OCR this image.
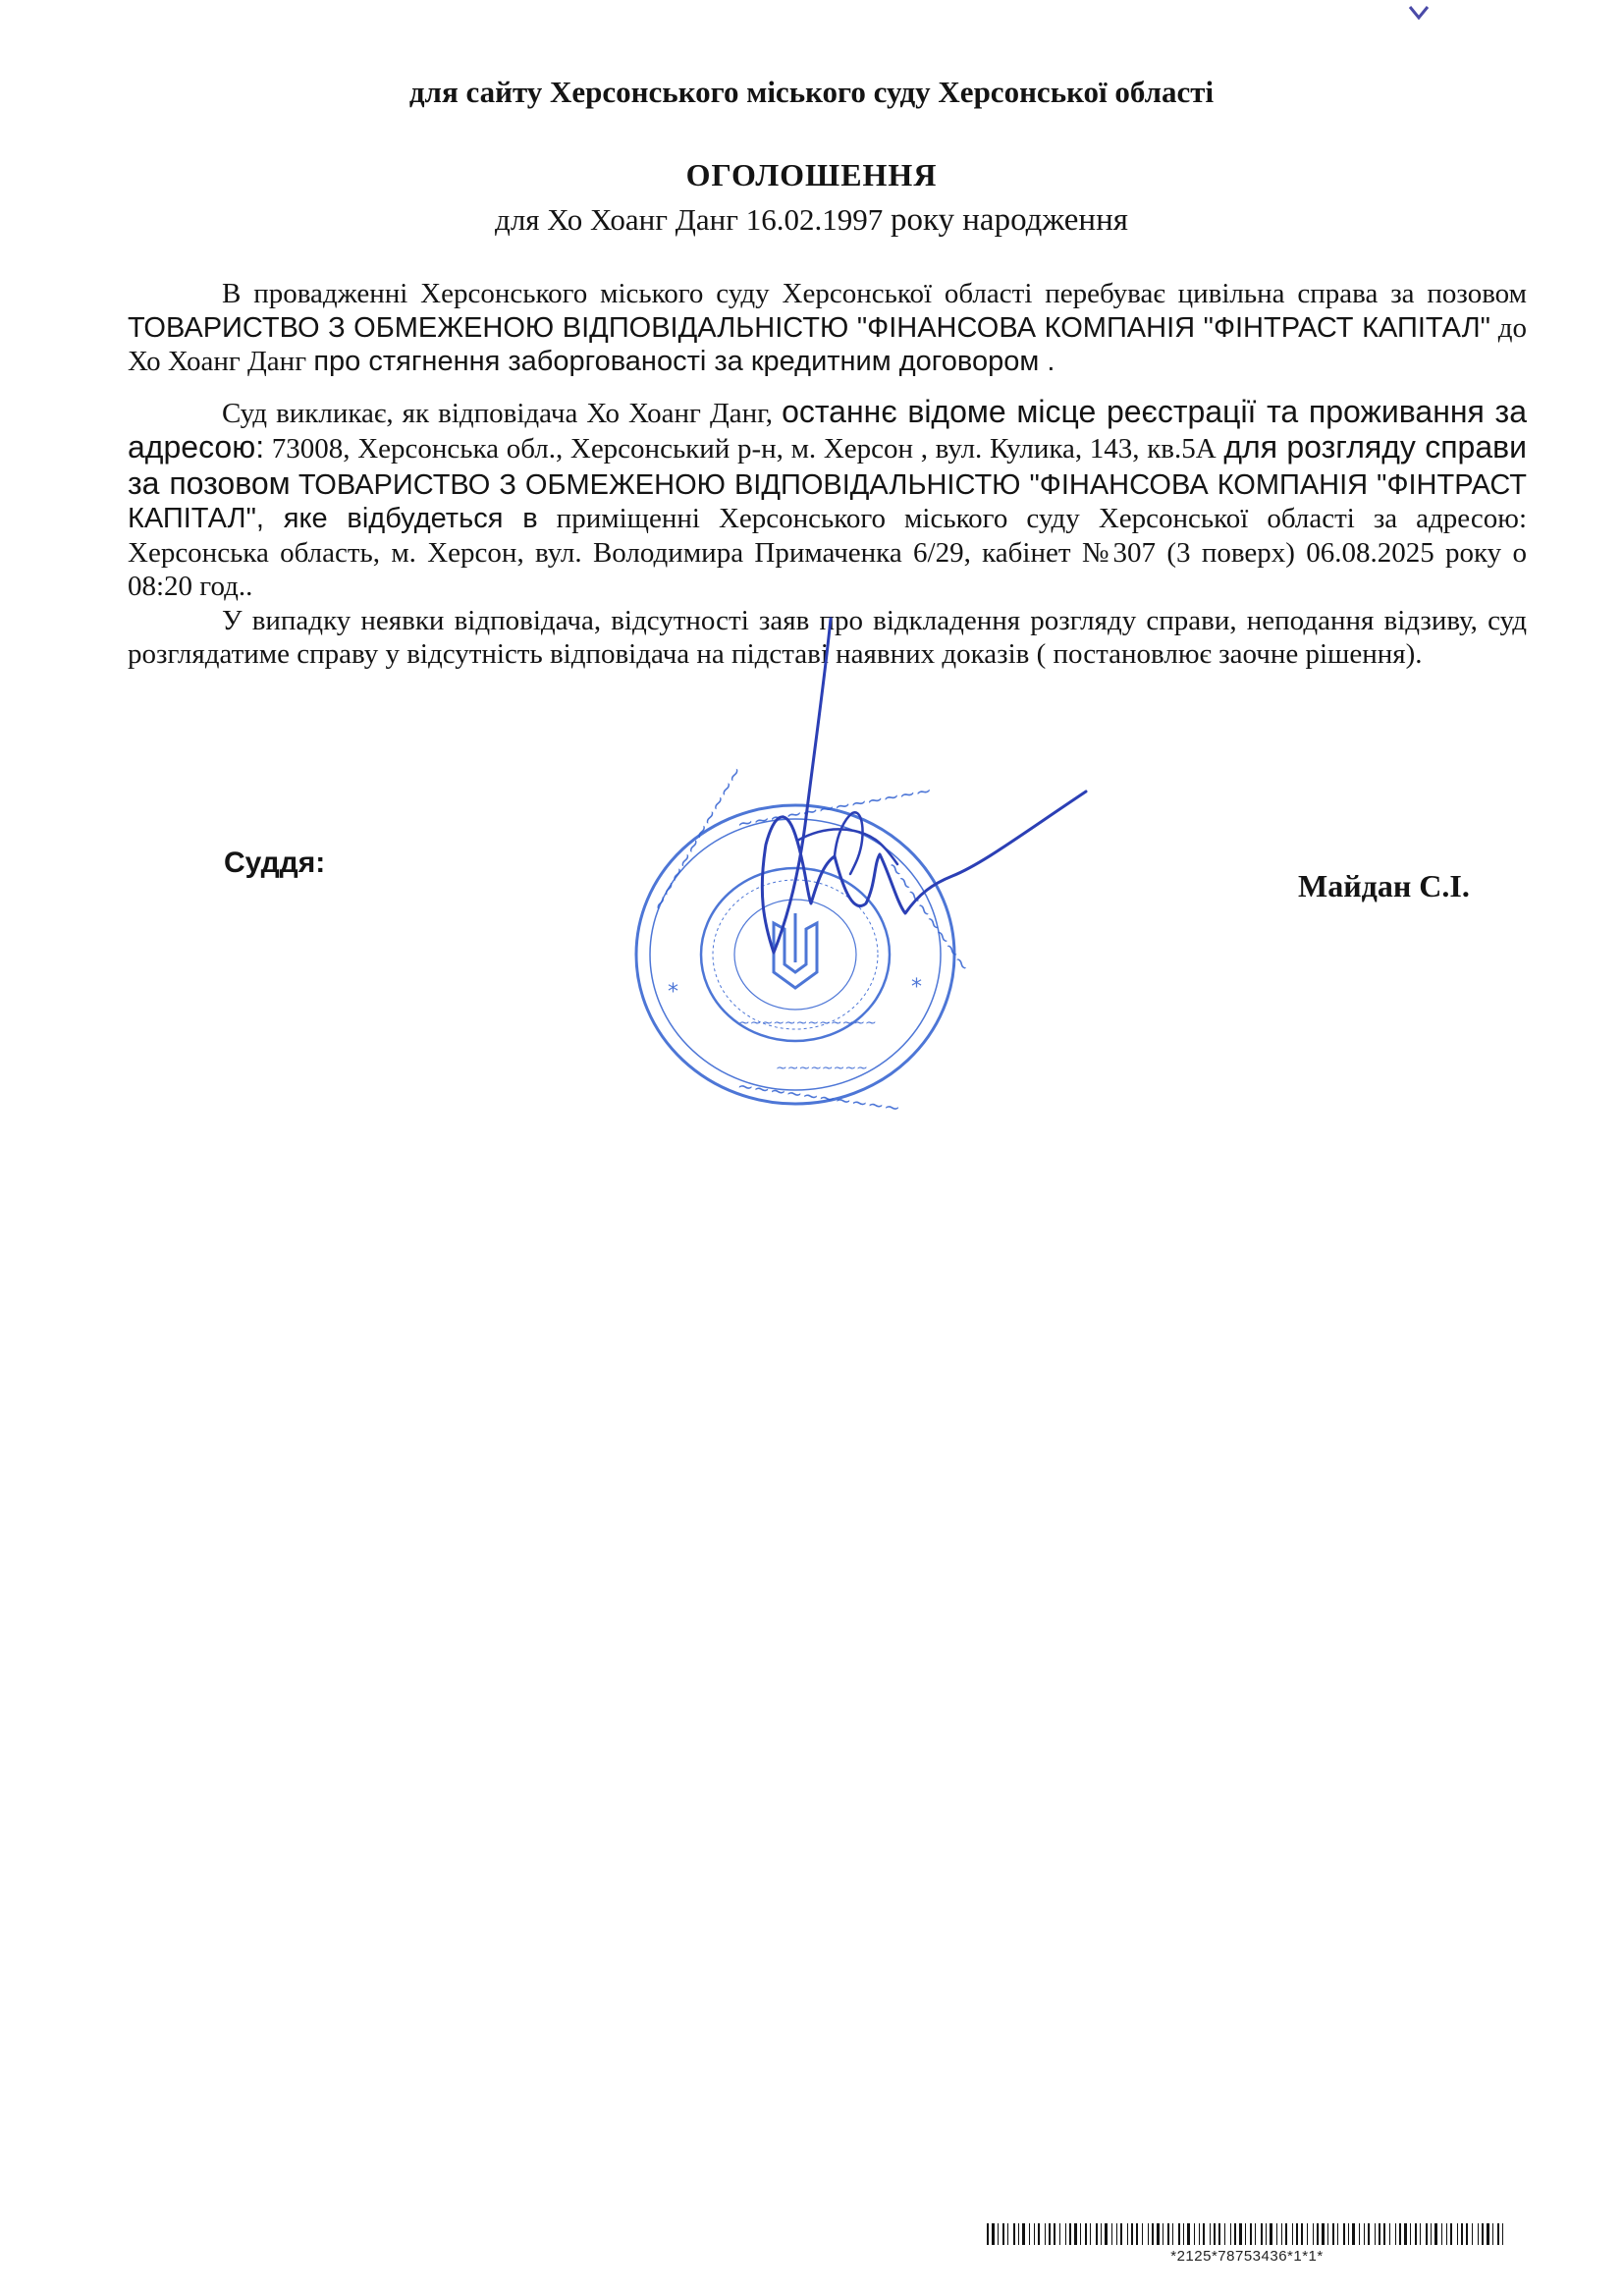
для сайту Херсонського міського суду Херсонської області
ОГОЛОШЕННЯ
для Хо Хоанг Данг 16.02.1997 року народження

В провадженні Херсонського міського суду Херсонської області перебуває цивільна справа за позовом ТОВАРИСТВО З ОБМЕЖЕНОЮ ВІДПОВІДАЛЬНІСТЮ "ФІНАНСОВА КОМПАНІЯ "ФІНТРАСТ КАПІТАЛ" до Хо Хоанг Данг про стягнення заборгованості за кредитним договором .

Суд викликає, як відповідача Хо Хоанг Данг, останнє відоме місце реєстрації та проживання за адресою: 73008, Херсонська обл., Херсонський р-н, м. Херсон , вул. Кулика, 143, кв.5А для розгляду справи за позовом ТОВАРИСТВО З ОБМЕЖЕНОЮ ВІДПОВІДАЛЬНІСТЮ "ФІНАНСОВА КОМПАНІЯ "ФІНТРАСТ КАПІТАЛ", яке відбудеться в приміщенні Херсонського міського суду Херсонської області за адресою: Херсонська область, м. Херсон, вул. Володимира Примаченка 6/29, кабінет №307 (3 поверх) 06.08.2025 року о 08:20 год..

У випадку неявки відповідача, відсутності заяв про відкладення розгляду справи, неподання відзиву, суд розглядатиме справу у відсутність відповідача на підставі наявних доказів ( постановлює заочне рішення).

Суддя:
Майдан С.І.
~~~~~~~~~~
~~~~~~~~~~~~
~~~~~~~~
~~~~~~~~~~
*
*
~~~~~~~~
~~~~~~~~~~~~
*2125*78753436*1*1*
